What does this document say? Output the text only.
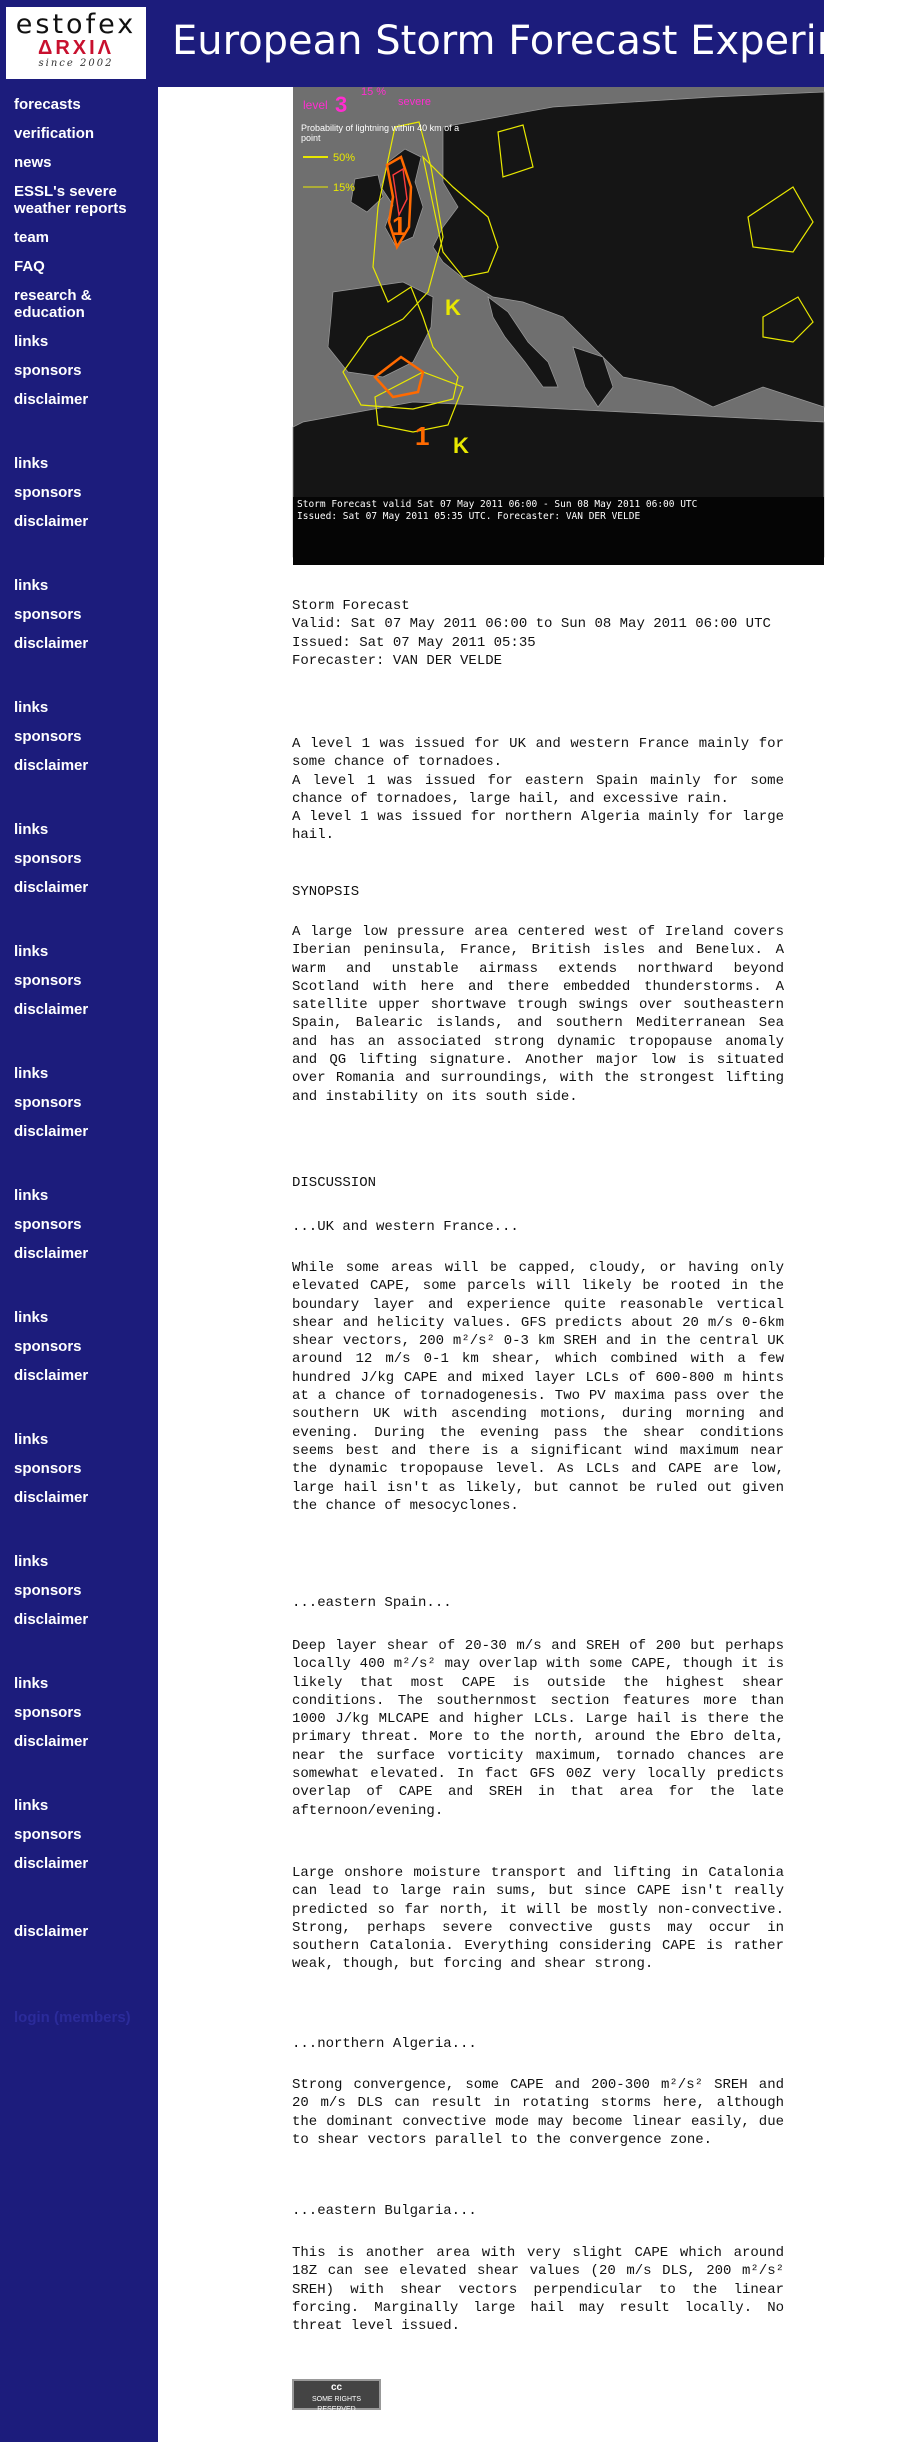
estofex
ΔRXIΛ
since 2002	European Storm Forecast Experiment
forecasts
verification
news
ESSL's severe weather reports
team
FAQ
research & education
links
sponsors
disclaimer
links
sponsors
disclaimer
links
sponsors
disclaimer
links
sponsors
disclaimer
links
sponsors
disclaimer
links
sponsors
disclaimer
links
sponsors
disclaimer
links
sponsors
disclaimer
links
sponsors
disclaimer
links
sponsors
disclaimer
links
sponsors
disclaimer
links
sponsors
disclaimer
links
sponsors
disclaimer
disclaimer
login (members)
level 3 15 %
severe
Probability of lightning within 40 km of a point
50%
15%
1
K
1 K
Storm Forecast valid Sat 07 May 2011 06:00 - Sun 08 May 2011 06:00 UTC
Issued: Sat 07 May 2011 05:35 UTC. Forecaster: VAN DER VELDE

Storm Forecast

Valid: Sat 07 May 2011 06:00 to Sun 08 May 2011 06:00 UTC

Issued: Sat 07 May 2011 05:35

Forecaster: VAN DER VELDE

A level 1 was issued for UK and western France mainly for some chance of tornadoes.

A level 1 was issued for eastern Spain mainly for some chance of tornadoes, large hail, and excessive rain.

A level 1 was issued for northern Algeria mainly for large hail.

SYNOPSIS
A large low pressure area centered west of Ireland covers Iberian peninsula, France, British isles and Benelux. A warm and unstable airmass extends northward beyond Scotland with here and there embedded thunderstorms. A satellite upper shortwave trough swings over southeastern Spain, Balearic islands, and southern Mediterranean Sea and has an associated strong dynamic tropopause anomaly and QG lifting signature. Another major low is situated over Romania and surroundings, with the strongest lifting and instability on its south side.
DISCUSSION
...UK and western France...
While some areas will be capped, cloudy, or having only elevated CAPE, some parcels will likely be rooted in the boundary layer and experience quite reasonable vertical shear and helicity values. GFS predicts about 20 m/s 0-6km shear vectors, 200 m²/s² 0-3 km SREH and in the central UK around 12 m/s 0-1 km shear, which combined with a few hundred J/kg CAPE and mixed layer LCLs of 600-800 m hints at a chance of tornadogenesis. Two PV maxima pass over the southern UK with ascending motions, during morning and evening. During the evening pass the shear conditions seems best and there is a significant wind maximum near the dynamic tropopause level. As LCLs and CAPE are low, large hail isn't as likely, but cannot be ruled out given the chance of mesocyclones.
...eastern Spain...
Deep layer shear of 20-30 m/s and SREH of 200 but perhaps locally 400 m²/s² may overlap with some CAPE, though it is likely that most CAPE is outside the highest shear conditions. The southernmost section features more than 1000 J/kg MLCAPE and higher LCLs. Large hail is there the primary threat. More to the north, around the Ebro delta, near the surface vorticity maximum, tornado chances are somewhat elevated. In fact GFS 00Z very locally predicts overlap of CAPE and SREH in that area for the late afternoon/evening.
Large onshore moisture transport and lifting in Catalonia can lead to large rain sums, but since CAPE isn't really predicted so far north, it will be mostly non-convective. Strong, perhaps severe convective gusts may occur in southern Catalonia. Everything considering CAPE is rather weak, though, but forcing and shear strong.
...northern Algeria...
Strong convergence, some CAPE and 200-300 m²/s² SREH and 20 m/s DLS can result in rotating storms here, although the dominant convective mode may become linear easily, due to shear vectors parallel to the convergence zone.
...eastern Bulgaria...
This is another area with very slight CAPE which around 18Z can see elevated shear values (20 m/s DLS, 200 m²/s² SREH) with shear vectors perpendicular to the linear forcing. Marginally large hail may result locally. No threat level issued.
cc
SOME RIGHTS RESERVED
